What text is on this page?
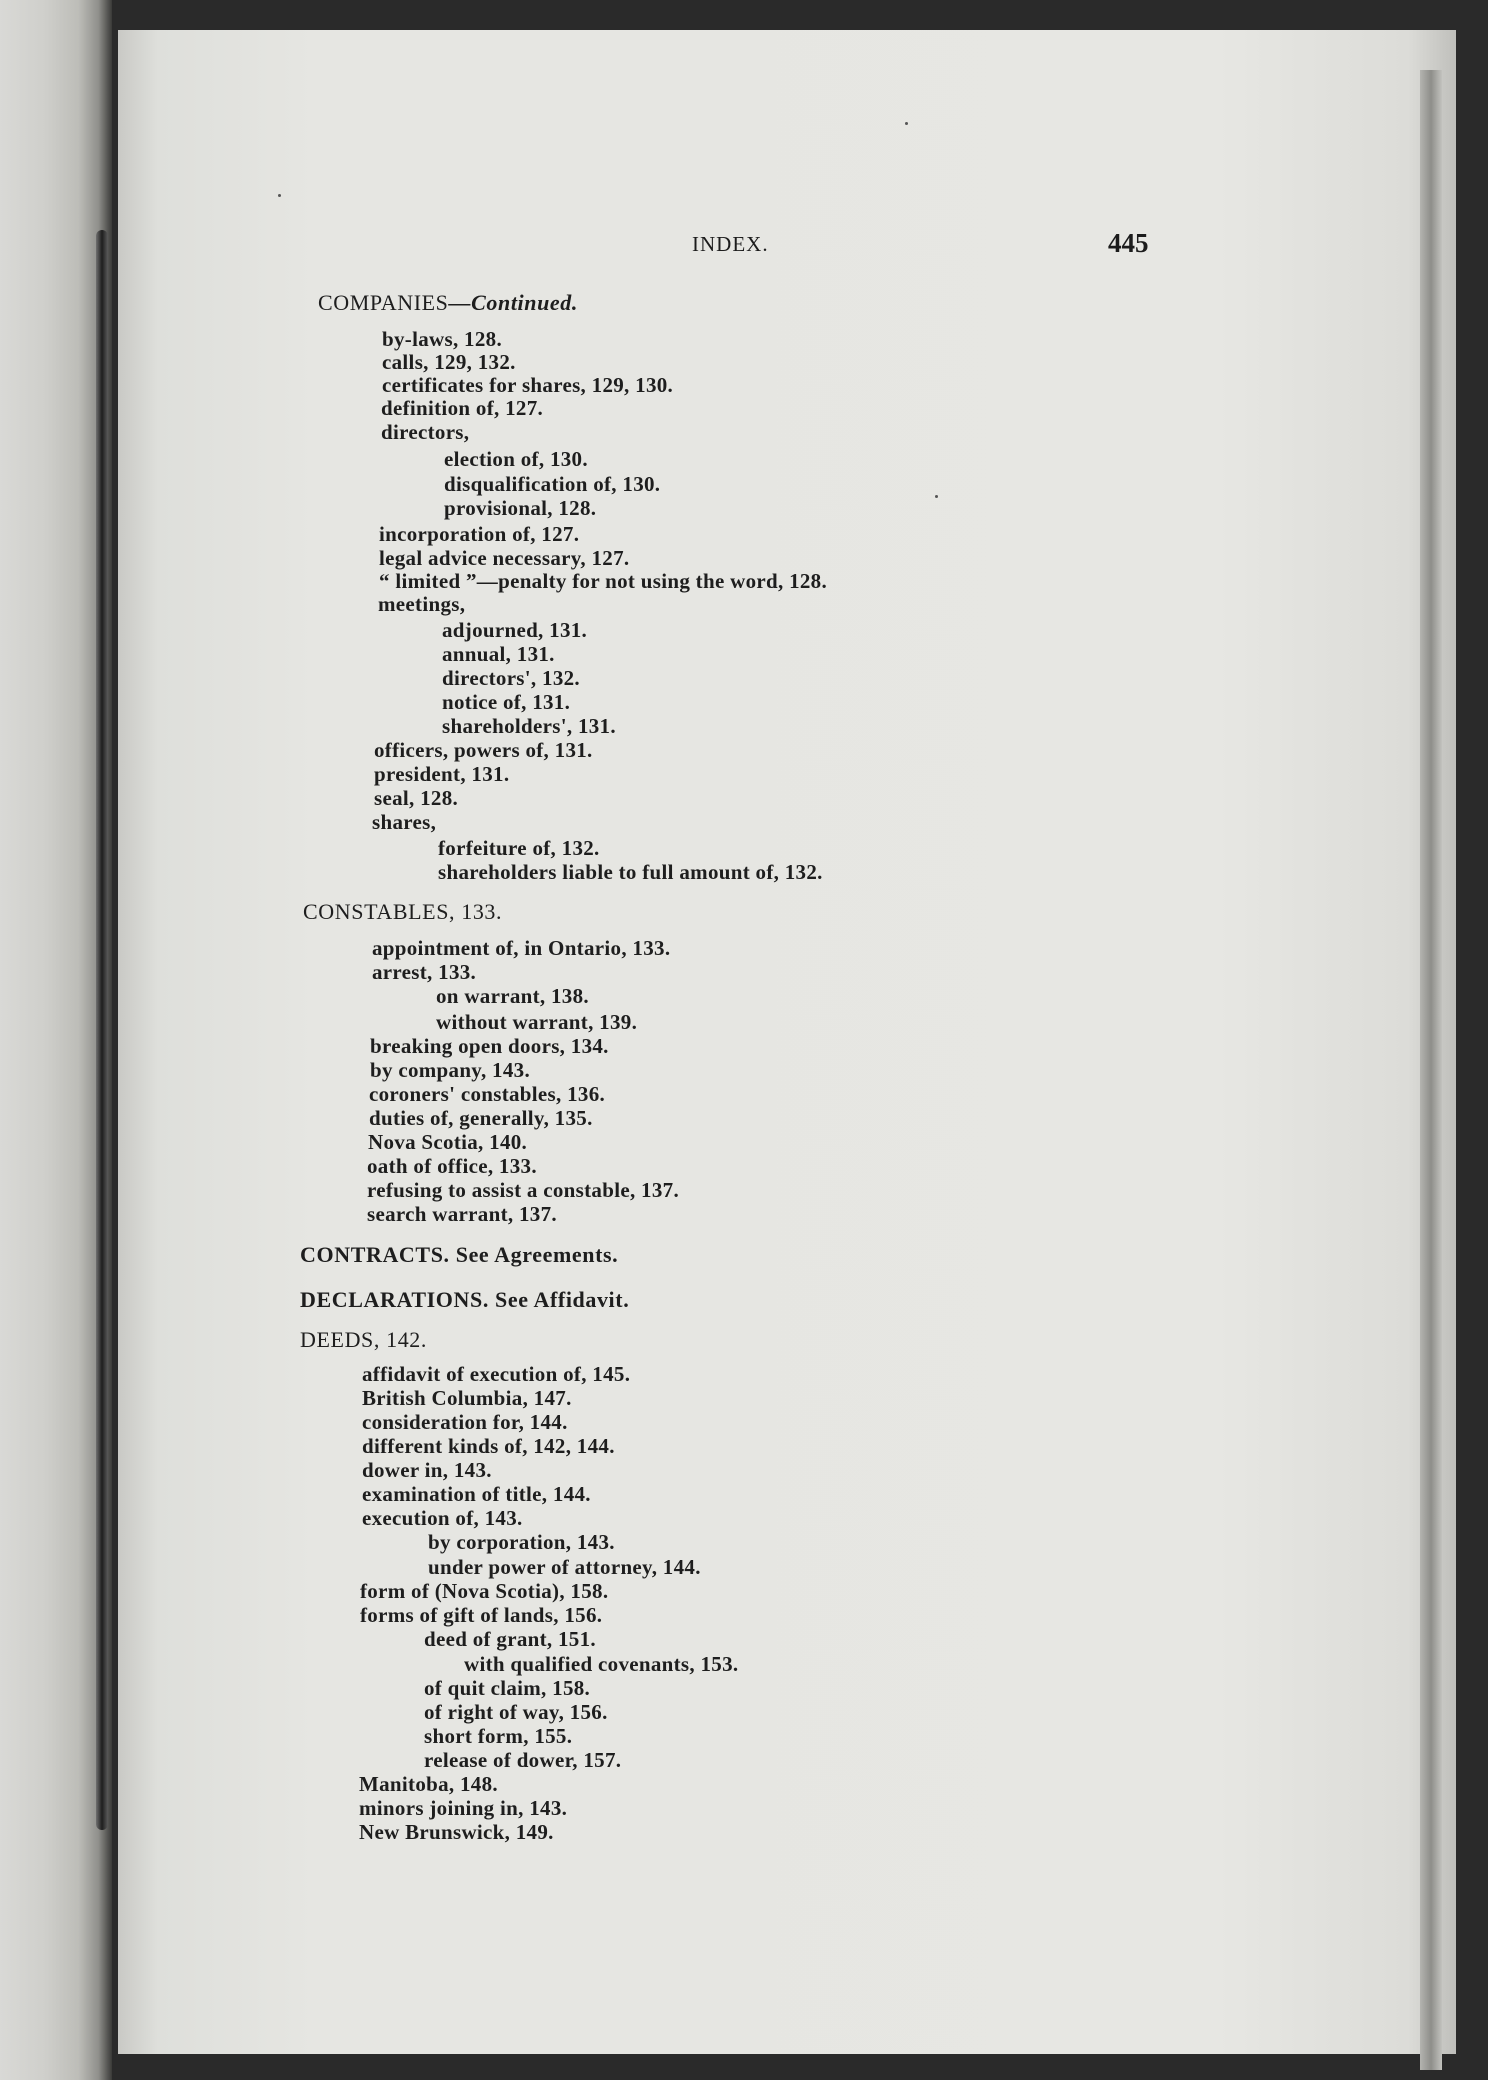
INDEX.	445
COMPANIES—Continued.
by-laws, 128.
calls, 129, 132.
certificates for shares, 129, 130.
definition of, 127.
directors,
election of, 130.
disqualification of, 130.
provisional, 128.
incorporation of, 127.
legal advice necessary, 127.
“ limited ”—penalty for not using the word, 128.
meetings,
adjourned, 131.
annual, 131.
directors', 132.
notice of, 131.
shareholders', 131.
officers, powers of, 131.
president, 131.
seal, 128.
shares,
forfeiture of, 132.
shareholders liable to full amount of, 132.
CONSTABLES, 133.
appointment of, in Ontario, 133.
arrest, 133.
on warrant, 138.
without warrant, 139.
breaking open doors, 134.
by company, 143.
coroners' constables, 136.
duties of, generally, 135.
Nova Scotia, 140.
oath of office, 133.
refusing to assist a constable, 137.
search warrant, 137.
CONTRACTS. See Agreements.
DECLARATIONS. See Affidavit.
DEEDS, 142.
affidavit of execution of, 145.
British Columbia, 147.
consideration for, 144.
different kinds of, 142, 144.
dower in, 143.
examination of title, 144.
execution of, 143.
by corporation, 143.
under power of attorney, 144.
form of (Nova Scotia), 158.
forms of gift of lands, 156.
deed of grant, 151.
with qualified covenants, 153.
of quit claim, 158.
of right of way, 156.
short form, 155.
release of dower, 157.
Manitoba, 148.
minors joining in, 143.
New Brunswick, 149.
